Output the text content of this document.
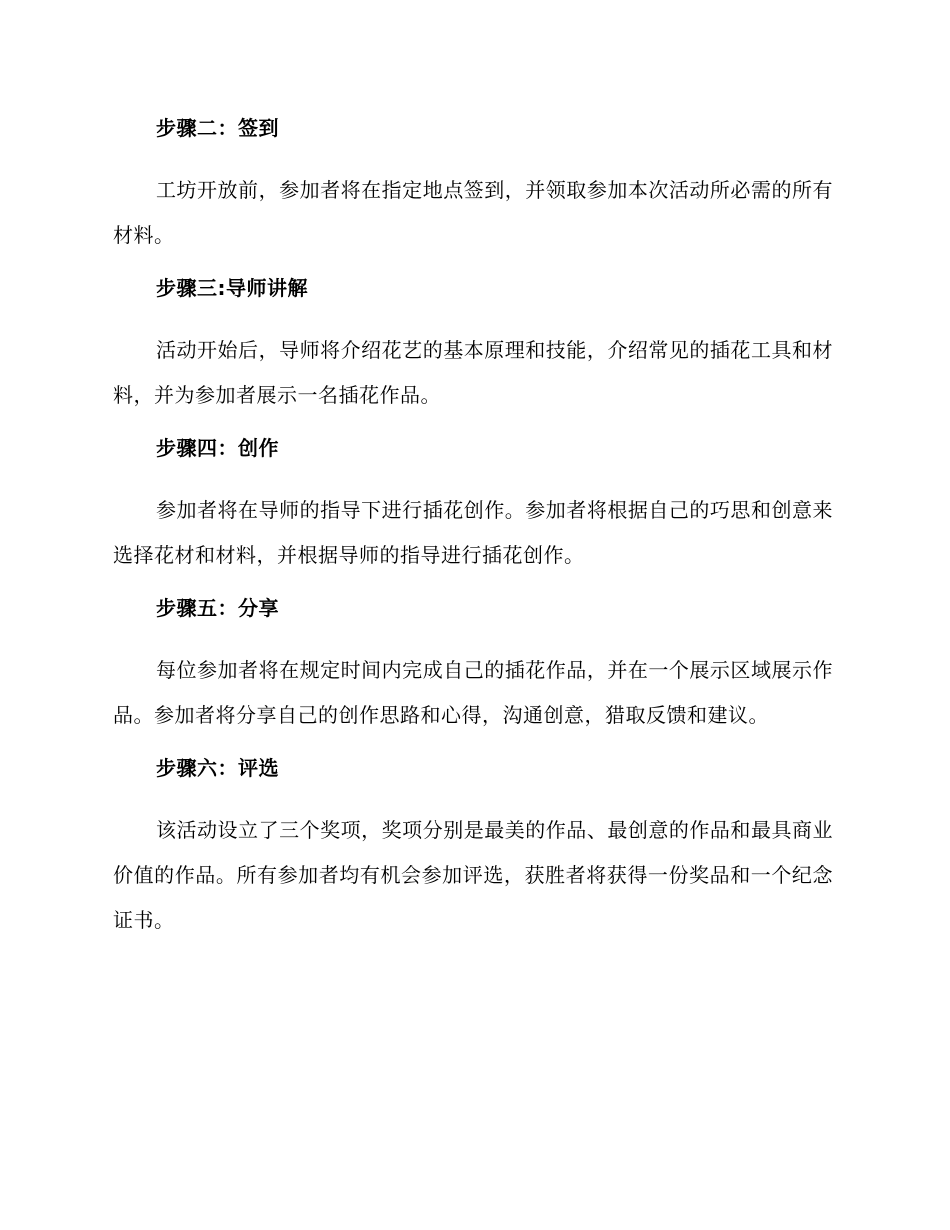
步骤二：签到

工坊开放前，参加者将在指定地点签到，并领取参加本次活动所必需的所有材料。

步骤三:导师讲解

活动开始后，导师将介绍花艺的基本原理和技能，介绍常见的插花工具和材料，并为参加者展示一名插花作品。

步骤四：创作

参加者将在导师的指导下进行插花创作。参加者将根据自己的巧思和创意来选择花材和材料，并根据导师的指导进行插花创作。

步骤五：分享

每位参加者将在规定时间内完成自己的插花作品，并在一个展示区域展示作品。参加者将分享自己的创作思路和心得，沟通创意，猎取反馈和建议。

步骤六：评选

该活动设立了三个奖项，奖项分别是最美的作品、最创意的作品和最具商业价值的作品。所有参加者均有机会参加评选，获胜者将获得一份奖品和一个纪念证书。
